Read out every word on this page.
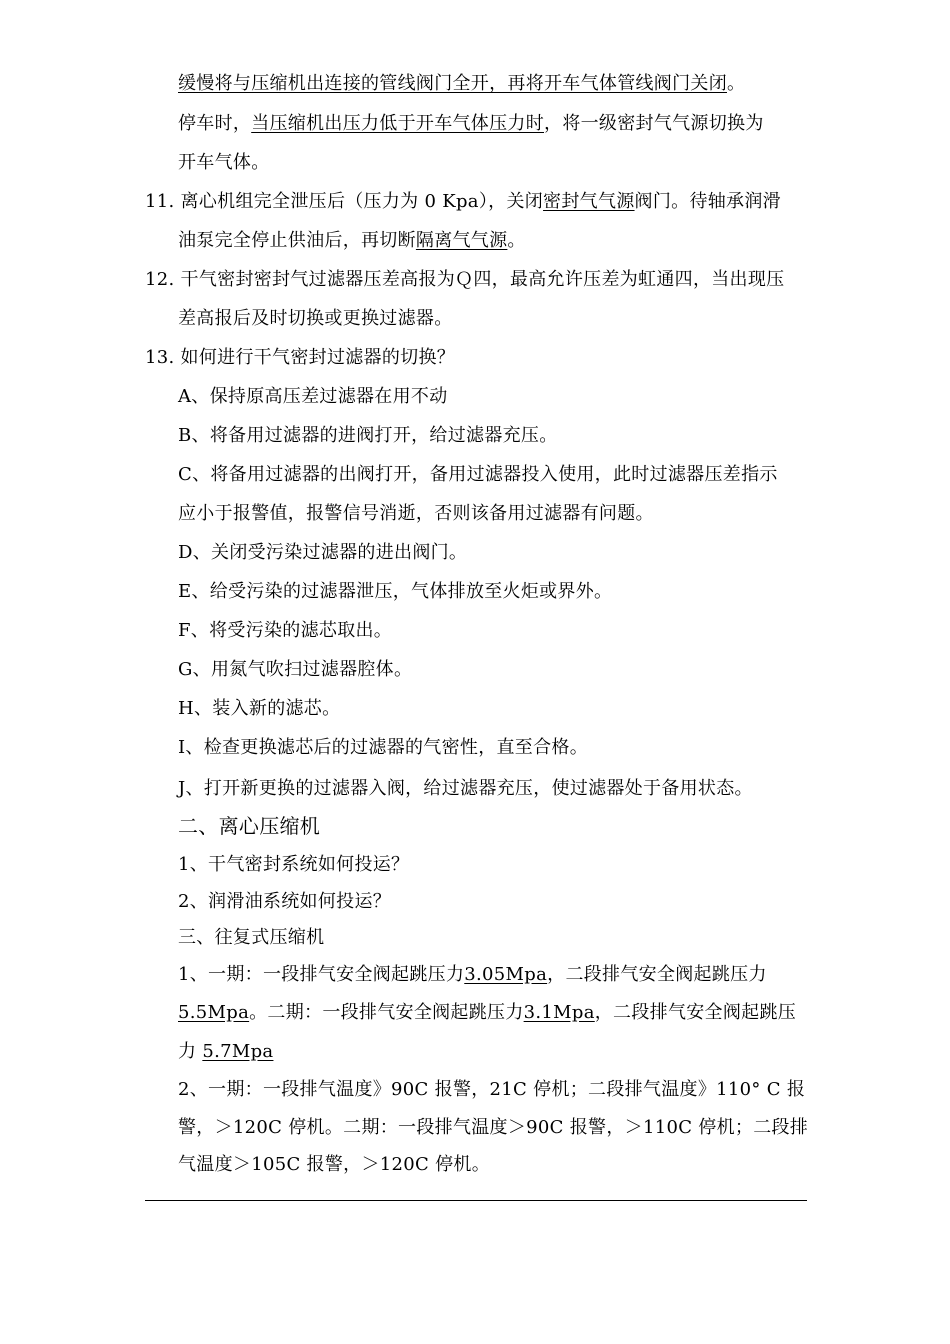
缓慢将与压缩机出连接的管线阀门全开，再将开车气体管线阀门关闭。
停车时，当压缩机出压力低于开车气体压力时，将一级密封气气源切换为
开车气体。
11. 离心机组完全泄压后（压力为 0 Kpa），关闭密封气气源阀门。待轴承润滑
油泵完全停止供油后，再切断隔离气气源。
12. 干气密封密封气过滤器压差高报为Ｑ四，最高允许压差为虹通四，当出现压
差高报后及时切换或更换过滤器。
13. 如何进行干气密封过滤器的切换？
A、保持原高压差过滤器在用不动
B、将备用过滤器的进阀打开，给过滤器充压。
C、将备用过滤器的出阀打开，备用过滤器投入使用，此时过滤器压差指示
应小于报警值，报警信号消逝，否则该备用过滤器有问题。
D、关闭受污染过滤器的进出阀门。
E、给受污染的过滤器泄压，气体排放至火炬或界外。
F、将受污染的滤芯取出。
G、用氮气吹扫过滤器腔体。
H、装入新的滤芯。
I、检查更换滤芯后的过滤器的气密性，直至合格。
J、打开新更换的过滤器入阀，给过滤器充压，使过滤器处于备用状态。
二、离心压缩机
1、干气密封系统如何投运？
2、润滑油系统如何投运？
三、往复式压缩机
1、一期：一段排气安全阀起跳压力3.05Mpa，二段排气安全阀起跳压力
5.5Mpa。二期：一段排气安全阀起跳压力3.1Mpa，二段排气安全阀起跳压
力 5.7Mpa
2、一期：一段排气温度》90C 报警，21C 停机；二段排气温度》110° C 报
警，＞120C 停机。二期：一段排气温度＞90C 报警，＞110C 停机；二段排
气温度＞105C 报警，＞120C 停机。
